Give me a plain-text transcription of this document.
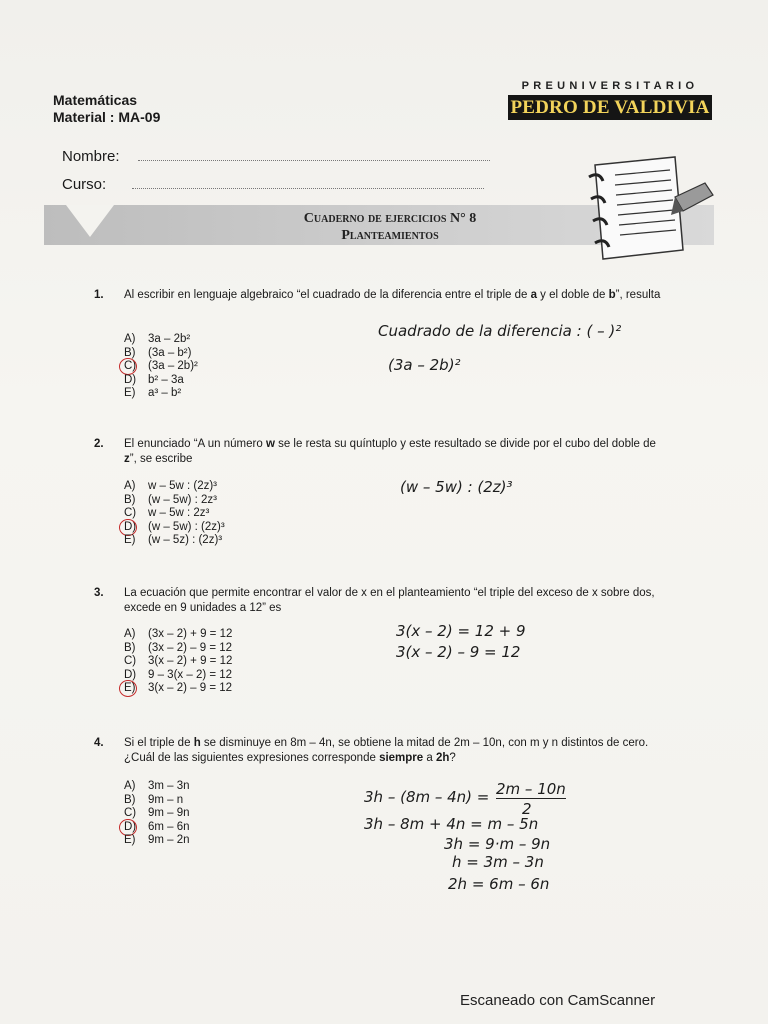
Matemáticas
Material : MA-09
PREUNIVERSITARIO
PEDRO DE VALDIVIA
Nombre:
Curso:
Cuaderno de ejercicios N° 8
Planteamientos
1. Al escribir en lenguaje algebraico “el cuadrado de la diferencia entre el triple de a y el doble de b”, resulta
A) 3a – 2b²
B) (3a – b²)
C) (3a – 2b)²
D) b² – 3a
E) a³ – b²
Cuadrado de la diferencia : ( – )²
(3a – 2b)²
2. El enunciado “A un número w se le resta su quíntuplo y este resultado se divide por el cubo del doble de z”, se escribe
A) w – 5w : (2z)³
B) (w – 5w) : 2z³
C) w – 5w : 2z³
D) (w – 5w) : (2z)³
E) (w – 5z) : (2z)³
(w – 5w) : (2z)³
3. La ecuación que permite encontrar el valor de x en el planteamiento “el triple del exceso de x sobre dos, excede en 9 unidades a 12” es
A) (3x – 2) + 9 = 12
B) (3x – 2) – 9 = 12
C) 3(x – 2) + 9 = 12
D) 9 – 3(x – 2) = 12
E) 3(x – 2) – 9 = 12
3(x – 2) = 12 + 9
3(x – 2) – 9 = 12
4. Si el triple de h se disminuye en 8m – 4n, se obtiene la mitad de 2m – 10n, con m y n distintos de cero. ¿Cuál de las siguientes expresiones corresponde siempre a 2h?
A) 3m – 3n
B) 9m – n
C) 9m – 9n
D) 6m – 6n
E) 9m – 2n
3h – (8m – 4n) = 2m – 10n
2
3h – 8m + 4n = m – 5n
3h = 9·m – 9n
h = 3m – 3n
2h = 6m – 6n
Escaneado con CamScanner
